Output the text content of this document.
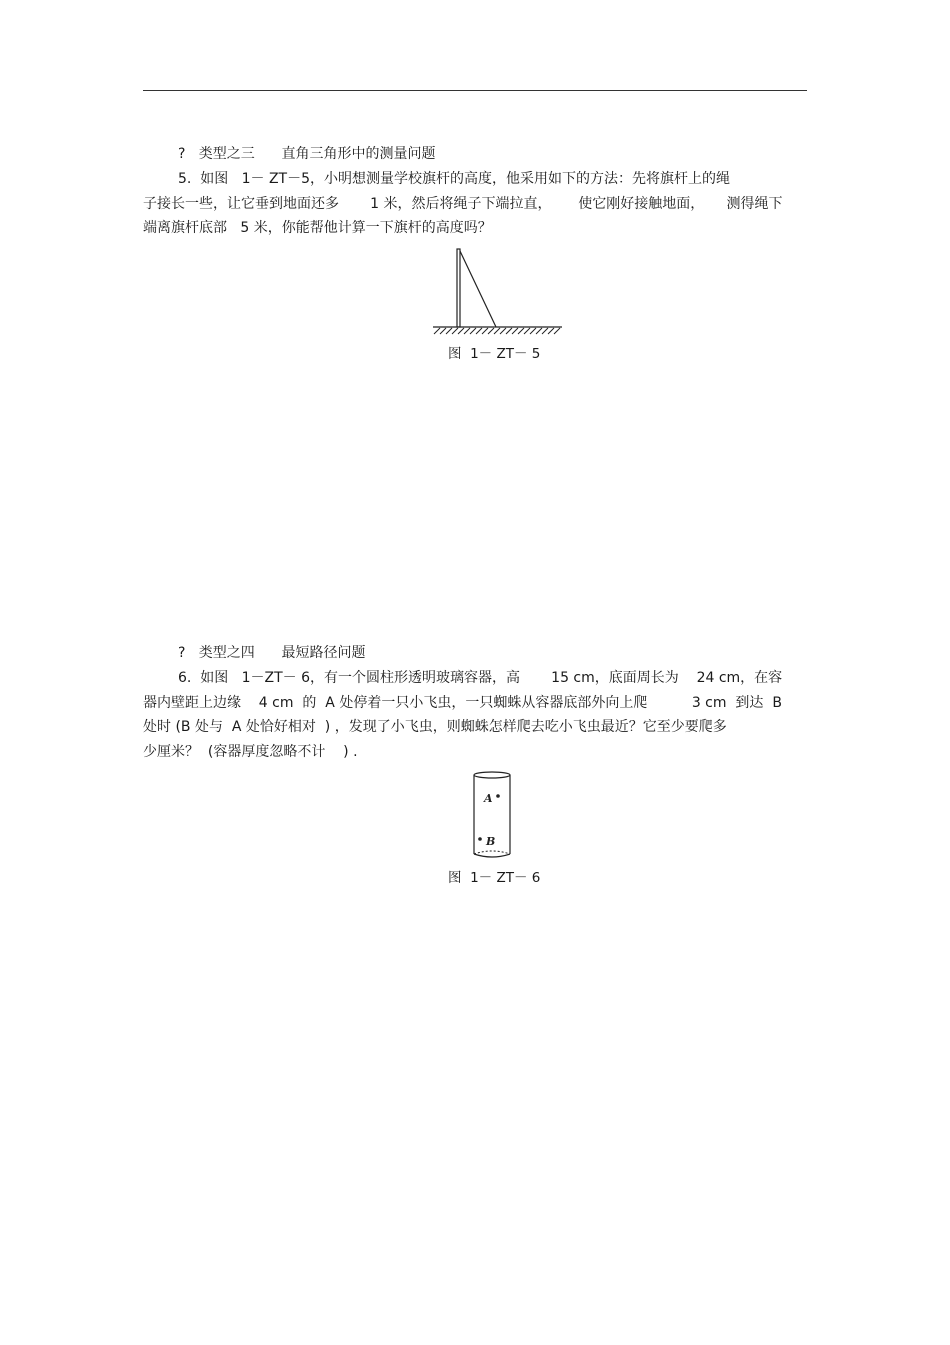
?   类型之三      直角三角形中的测量问题
5.  如图   1－ ZT－5，小明想测量学校旗杆的高度，他采用如下的方法：先将旗杆上的绳
子接长一些，让它垂到地面还多       1 米，然后将绳子下端拉直，      使它刚好接触地面，     测得绳下
端离旗杆底部   5 米，你能帮他计算一下旗杆的高度吗？
图  1－ ZT－ 5
?   类型之四      最短路径问题
6.  如图   1－ZT－ 6，有一个圆柱形透明玻璃容器，高       15 cm，底面周长为    24 cm，在容
器内壁距上边缘    4 cm  的  A 处停着一只小飞虫，一只蜘蛛从容器底部外向上爬          3 cm  到达  B
处时 (B 处与  A 处恰好相对  ) ，发现了小飞虫，则蜘蛛怎样爬去吃小飞虫最近？它至少要爬多
少厘米？  (容器厚度忽略不计    ) .
A
B
图  1－ ZT－ 6
